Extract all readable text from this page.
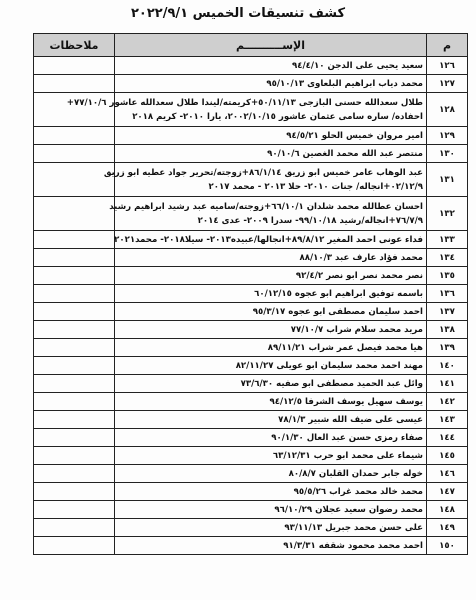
كشف تنسيقات الخميس ٢٠٢٢/٩/١
م	الإســــــــــم	ملاحظات
١٢٦	سعيد يحيى على الدجن ٩٤/٤/١٠	

١٢٧	محمد دياب ابراهيم البلعاوى ٩٥/١٠/١٣	

١٢٨	طلال سعدالله حسنى البازجى ٥٠/١١/١٣+كريمته/ليندا طلال سعدالله عاشور ٧٧/١٠/٦+
احفاده/ ساره سامى عثمان عاشور ٢٠٠٢/١٠/١٥، يارا ٢٠١٠- كريم ٢٠١٨	

١٢٩	امير مروان خميس الحلو ٩٤/٥/٢١	

١٣٠	منتصر عبد الله محمد الغصين ٩٠/١٠/٦	

١٣١	عبد الوهاب عامر خميس ابو زريق ٨٦/١/١٤+زوجته/تحرير جواد عطيه ابو زريق
٠٢/١٢/٩+انجاله/ جنات ٢٠١٠- حلا ٢٠١٣ - محمد ٢٠١٧	

١٣٢	احسان عطالله محمد شلدان ٦٦/١٠/١+زوجته/ساميه عبد رشيد ابراهيم رشيد
٧٦/٧/٩+انجاله/رشيد ٩٩/١٠/١٨- سدرا ٢٠٠٩- عدى ٢٠١٤	

١٣٣	فداء عونى احمد المغير ٨٩/٨/١٢+انجالها/عبيده٢٠١٣- سيلا٢٠١٨- محمد٢٠٢١	

١٣٤	محمد فؤاد عارف عبد ٨٨/١٠/٣	

١٣٥	نصر محمد نصر ابو نصر ٩٢/٤/٢	

١٣٦	باسمه توفيق ابراهيم ابو عجوه ٦٠/١٢/١٥	

١٣٧	احمد سليمان مصطفى ابو عجوه ٩٥/٣/١٧	

١٣٨	مريد محمد سلام شراب ٧٧/١٠/٧	

١٣٩	هيا محمد فيصل عمر شراب ٨٩/١١/٢١	

١٤٠	مهند احمد محمد سليمان ابو عويلى ٨٢/١١/٢٧	

١٤١	وائل عبد الحميد مصطفى ابو صفيه ٧٣/٦/٣٠	

١٤٢	يوسف سهيل يوسف الشرفا ٩٤/١٢/٥	

١٤٣	عيسى على ضيف الله شبير ٧٨/١/٣	

١٤٤	صفاء رمزى حسن عبد العال ٩٠/١/٣٠	

١٤٥	شيماء على محمد ابو حرب ٦٣/١٢/٣١	

١٤٦	خوله جابر حمدان القلبان ٨٠/٨/٧	

١٤٧	محمد خالد محمد غراب ٩٥/٥/٢٦	

١٤٨	محمد رضوان سعيد عجلان ٩٦/١٠/٢٩	

١٤٩	على حسن محمد جبريل ٩٣/١١/١٣	

١٥٠	احمد محمد محمود شقفه ٩١/٣/٣١	
